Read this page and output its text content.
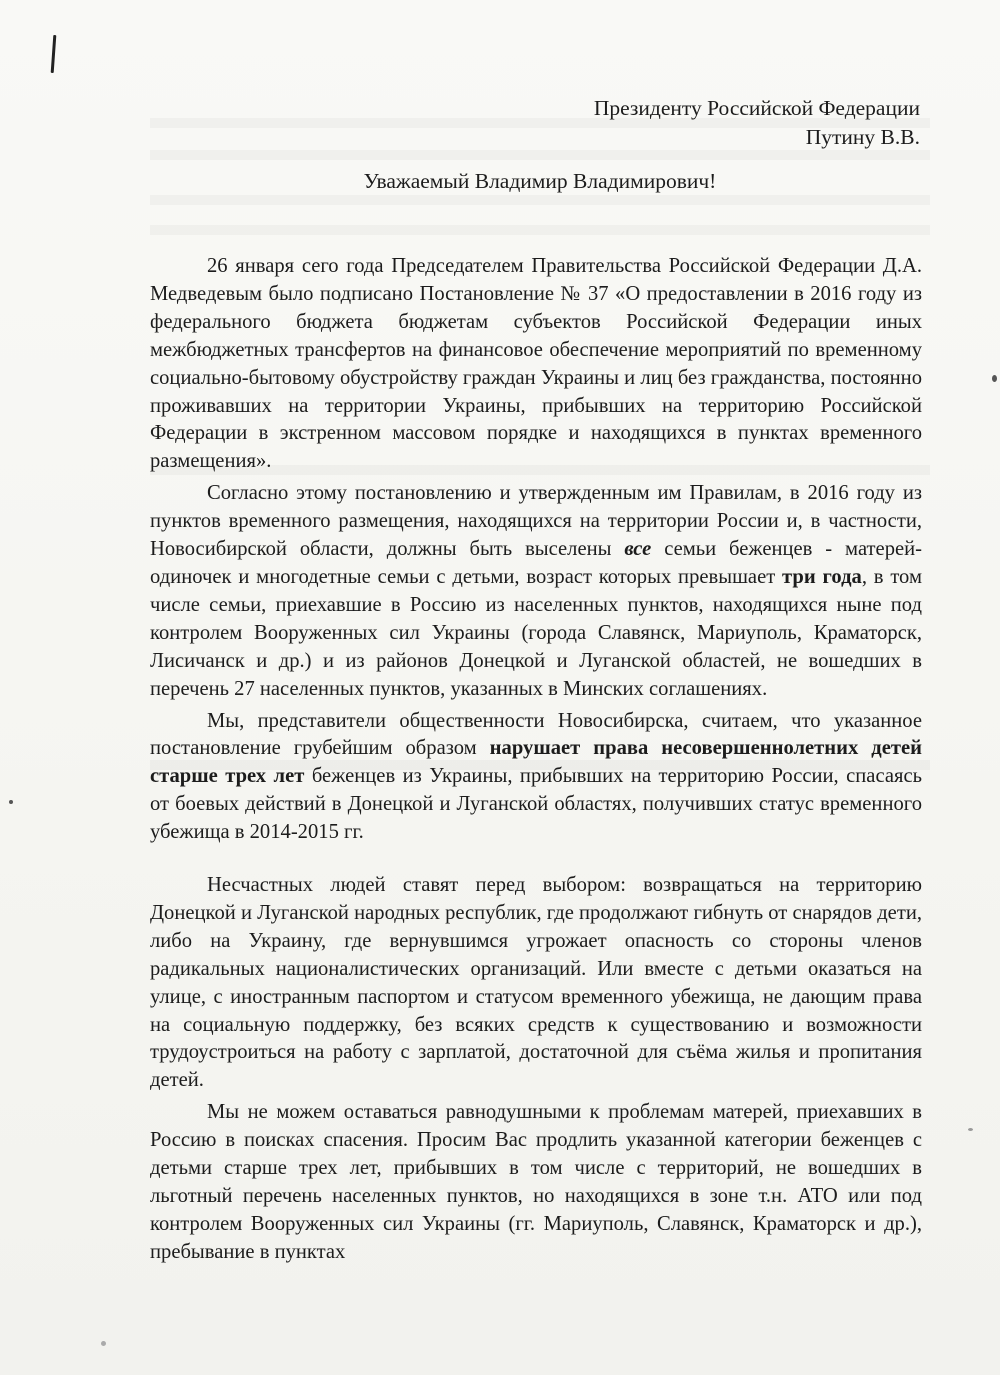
Президенту Российской Федерации
Путину В.В.
Уважаемый Владимир Владимирович!

26 января сего года Председателем Правительства Российской Федерации Д.А. Медведевым было подписано Постановление № 37 «О предоставлении в 2016 году из федерального бюджета бюджетам субъектов Российской Федерации иных межбюджетных трансфертов на финансовое обеспечение мероприятий по временному социально-бытовому обустройству граждан Украины и лиц без гражданства, постоянно проживавших на территории Украины, прибывших на территорию Российской Федерации в экстренном массовом порядке и находящихся в пунктах временного размещения».

Согласно этому постановлению и утвержденным им Правилам, в 2016 году из пунктов временного размещения, находящихся на территории России и, в частности, Новосибирской области, должны быть выселены все семьи беженцев - матерей-одиночек и многодетные семьи с детьми, возраст которых превышает три года, в том числе семьи, приехавшие в Россию из населенных пунктов, находящихся ныне под контролем Вооруженных сил Украины (города Славянск, Мариуполь, Краматорск, Лисичанск и др.) и из районов Донецкой и Луганской областей, не вошедших в перечень 27 населенных пунктов, указанных в Минских соглашениях.

Мы, представители общественности Новосибирска, считаем, что указанное постановление грубейшим образом нарушает права несовершеннолетних детей старше трех лет беженцев из Украины, прибывших на территорию России, спасаясь от боевых действий в Донецкой и Луганской областях, получивших статус временного убежища в 2014-2015 гг.

Несчастных людей ставят перед выбором: возвращаться на территорию Донецкой и Луганской народных республик, где продолжают гибнуть от снарядов дети, либо на Украину, где вернувшимся угрожает опасность со стороны членов радикальных националистических организаций. Или вместе с детьми оказаться на улице, с иностранным паспортом и статусом временного убежища, не дающим права на социальную поддержку, без всяких средств к существованию и возможности трудоустроиться на работу с зарплатой, достаточной для съёма жилья и пропитания детей.

Мы не можем оставаться равнодушными к проблемам матерей, приехавших в Россию в поисках спасения. Просим Вас продлить указанной категории беженцев с детьми старше трех лет, прибывших в том числе с территорий, не вошедших в льготный перечень населенных пунктов, но находящихся в зоне т.н. АТО или под контролем Вооруженных сил Украины (гг. Мариуполь, Славянск, Краматорск и др.), пребывание в пунктах
